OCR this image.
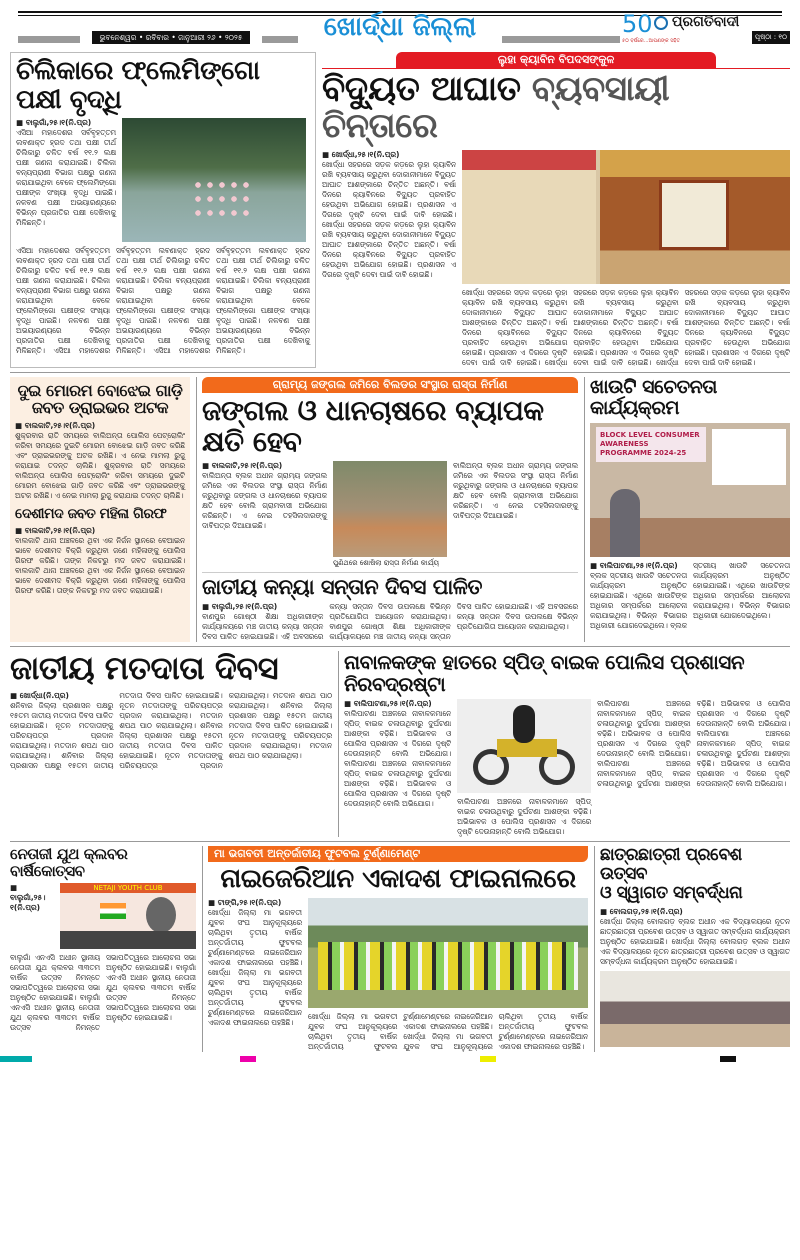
ଭୁବନେଶ୍ୱର • ରବିବାର • ଜାନୁଆରୀ ୨୬ • ୨୦୨୫	ଖୋର୍ଦ୍ଧା ଜିଲ୍ଲା	50 ପ୍ରଗତିବାଦୀ
୫୦ ବର୍ଷରେ...ଆପଣଙ୍କ ସହିତ	ପୃଷ୍ଠା : ୧୦
ଚିଲିକାରେ ଫ୍ଲେମିଙ୍ଗୋ ପକ୍ଷୀ ବୃଦ୍ଧି
■ ବାଲୁଗାଁ,୨୫।୧(ନି.ପ୍ର)
ଏସିଆ ମହାଦେଶର ସର୍ବବୃହତ୍ତମ ଲବଣାକ୍ତ ହ୍ରଦ ତଥା ପକ୍ଷୀ ତୀର୍ଥ ଚିଲିକାରୁ ଚଳିତ ବର୍ଷ ୧୧.୨ ଲକ୍ଷ ପକ୍ଷୀ ଗଣନା କରାଯାଇଛି। ଚିଲିକା ବନ୍ୟପ୍ରାଣୀ ବିଭାଗ ପକ୍ଷରୁ ଗଣନା କରାଯାଇଥିବା ବେଳେ ଫ୍ଲେମିଙ୍ଗୋ ପକ୍ଷୀଙ୍କ ସଂଖ୍ୟା ବୃଦ୍ଧି ପାଇଛି। ନଳବଣ ପକ୍ଷୀ ଅଭୟାରଣ୍ୟରେ ବିଭିନ୍ନ ପ୍ରଜାତିର ପକ୍ଷୀ ଦେଖିବାକୁ ମିଳିଛନ୍ତି।
ଏସିଆ ମହାଦେଶର ସର୍ବବୃହତ୍ତମ ଲବଣାକ୍ତ ହ୍ରଦ ତଥା ପକ୍ଷୀ ତୀର୍ଥ ଚିଲିକାରୁ ଚଳିତ ବର୍ଷ ୧୧.୨ ଲକ୍ଷ ପକ୍ଷୀ ଗଣନା କରାଯାଇଛି। ଚିଲିକା ବନ୍ୟପ୍ରାଣୀ ବିଭାଗ ପକ୍ଷରୁ ଗଣନା କରାଯାଇଥିବା ବେଳେ ଫ୍ଲେମିଙ୍ଗୋ ପକ୍ଷୀଙ୍କ ସଂଖ୍ୟା ବୃଦ୍ଧି ପାଇଛି। ନଳବଣ ପକ୍ଷୀ ଅଭୟାରଣ୍ୟରେ ବିଭିନ୍ନ ପ୍ରଜାତିର ପକ୍ଷୀ ଦେଖିବାକୁ ମିଳିଛନ୍ତି। ଏସିଆ ମହାଦେଶର ସର୍ବବୃହତ୍ତମ ଲବଣାକ୍ତ ହ୍ରଦ ତଥା ପକ୍ଷୀ ତୀର୍ଥ ଚିଲିକାରୁ ଚଳିତ ବର୍ଷ ୧୧.୨ ଲକ୍ଷ ପକ୍ଷୀ ଗଣନା କରାଯାଇଛି। ଚିଲିକା ବନ୍ୟପ୍ରାଣୀ ବିଭାଗ ପକ୍ଷରୁ ଗଣନା କରାଯାଇଥିବା ବେଳେ ଫ୍ଲେମିଙ୍ଗୋ ପକ୍ଷୀଙ୍କ ସଂଖ୍ୟା ବୃଦ୍ଧି ପାଇଛି। ନଳବଣ ପକ୍ଷୀ ଅଭୟାରଣ୍ୟରେ ବିଭିନ୍ନ ପ୍ରଜାତିର ପକ୍ଷୀ ଦେଖିବାକୁ ମିଳିଛନ୍ତି। ଏସିଆ ମହାଦେଶର ସର୍ବବୃହତ୍ତମ ଲବଣାକ୍ତ ହ୍ରଦ ତଥା ପକ୍ଷୀ ତୀର୍ଥ ଚିଲିକାରୁ ଚଳିତ ବର୍ଷ ୧୧.୨ ଲକ୍ଷ ପକ୍ଷୀ ଗଣନା କରାଯାଇଛି। ଚିଲିକା ବନ୍ୟପ୍ରାଣୀ ବିଭାଗ ପକ୍ଷରୁ ଗଣନା କରାଯାଇଥିବା ବେଳେ ଫ୍ଲେମିଙ୍ଗୋ ପକ୍ଷୀଙ୍କ ସଂଖ୍ୟା ବୃଦ୍ଧି ପାଇଛି। ନଳବଣ ପକ୍ଷୀ ଅଭୟାରଣ୍ୟରେ ବିଭିନ୍ନ ପ୍ରଜାତିର ପକ୍ଷୀ ଦେଖିବାକୁ ମିଳିଛନ୍ତି।
ଲୁହା କ୍ୟାବିନ ବିପଦସଙ୍କୁଳ
ବିଦ୍ୟୁତ ଆଘାତ ବ୍ୟବସାୟୀ ଚିନ୍ତାରେ
■ ଖୋର୍ଦ୍ଧା,୨୫।୧(ନି.ପ୍ର)
ଖୋର୍ଦ୍ଧା ସହରରେ ସଡ଼କ କଡ଼ରେ ଲୁହା କ୍ୟାବିନ ରଖି ବ୍ୟବସାୟ କରୁଥିବା ଦୋକାନୀମାନେ ବିଦ୍ୟୁତ ଆଘାତ ଆଶଙ୍କାରେ ଚିନ୍ତିତ ଅଛନ୍ତି। ବର୍ଷା ଦିନରେ କ୍ୟାବିନରେ ବିଦ୍ୟୁତ ପ୍ରବାହିତ ହେଉଥିବା ଅଭିଯୋଗ ହୋଇଛି। ପ୍ରଶାସନ ଏ ଦିଗରେ ଦୃଷ୍ଟି ଦେବା ପାଇଁ ଦାବି ହୋଇଛି। ଖୋର୍ଦ୍ଧା ସହରରେ ସଡ଼କ କଡ଼ରେ ଲୁହା କ୍ୟାବିନ ରଖି ବ୍ୟବସାୟ କରୁଥିବା ଦୋକାନୀମାନେ ବିଦ୍ୟୁତ ଆଘାତ ଆଶଙ୍କାରେ ଚିନ୍ତିତ ଅଛନ୍ତି। ବର୍ଷା ଦିନରେ କ୍ୟାବିନରେ ବିଦ୍ୟୁତ ପ୍ରବାହିତ ହେଉଥିବା ଅଭିଯୋଗ ହୋଇଛି। ପ୍ରଶାସନ ଏ ଦିଗରେ ଦୃଷ୍ଟି ଦେବା ପାଇଁ ଦାବି ହୋଇଛି।
ଖୋର୍ଦ୍ଧା ସହରରେ ସଡ଼କ କଡ଼ରେ ଲୁହା କ୍ୟାବିନ ରଖି ବ୍ୟବସାୟ କରୁଥିବା ଦୋକାନୀମାନେ ବିଦ୍ୟୁତ ଆଘାତ ଆଶଙ୍କାରେ ଚିନ୍ତିତ ଅଛନ୍ତି। ବର୍ଷା ଦିନରେ କ୍ୟାବିନରେ ବିଦ୍ୟୁତ ପ୍ରବାହିତ ହେଉଥିବା ଅଭିଯୋଗ ହୋଇଛି। ପ୍ରଶାସନ ଏ ଦିଗରେ ଦୃଷ୍ଟି ଦେବା ପାଇଁ ଦାବି ହୋଇଛି। ଖୋର୍ଦ୍ଧା ସହରରେ ସଡ଼କ କଡ଼ରେ ଲୁହା କ୍ୟାବିନ ରଖି ବ୍ୟବସାୟ କରୁଥିବା ଦୋକାନୀମାନେ ବିଦ୍ୟୁତ ଆଘାତ ଆଶଙ୍କାରେ ଚିନ୍ତିତ ଅଛନ୍ତି। ବର୍ଷା ଦିନରେ କ୍ୟାବିନରେ ବିଦ୍ୟୁତ ପ୍ରବାହିତ ହେଉଥିବା ଅଭିଯୋଗ ହୋଇଛି। ପ୍ରଶାସନ ଏ ଦିଗରେ ଦୃଷ୍ଟି ଦେବା ପାଇଁ ଦାବି ହୋଇଛି। ଖୋର୍ଦ୍ଧା ସହରରେ ସଡ଼କ କଡ଼ରେ ଲୁହା କ୍ୟାବିନ ରଖି ବ୍ୟବସାୟ କରୁଥିବା ଦୋକାନୀମାନେ ବିଦ୍ୟୁତ ଆଘାତ ଆଶଙ୍କାରେ ଚିନ୍ତିତ ଅଛନ୍ତି। ବର୍ଷା ଦିନରେ କ୍ୟାବିନରେ ବିଦ୍ୟୁତ ପ୍ରବାହିତ ହେଉଥିବା ଅଭିଯୋଗ ହୋଇଛି। ପ୍ରଶାସନ ଏ ଦିଗରେ ଦୃଷ୍ଟି ଦେବା ପାଇଁ ଦାବି ହୋଇଛି।
ଦୁଇ ମୋରମ ବୋଝେଇ ଗାଡ଼ି ଜବତ ଡ୍ରାଇଭର ଅଟକ
■ ବାଲକାଟି,୨୫।୧(ନି.ପ୍ର)
ଶୁକ୍ରବାର ରାତି ସମୟରେ ବାଲିଅନ୍ତା ପୋଲିସ ପେଟ୍ରୋଲିଂ କରିବା ସମୟରେ ଦୁଇଟି ମୋରମ ବୋଝେଇ ଗାଡ଼ି ଜବତ କରିଛି ଏବଂ ଡ୍ରାଇଭରଙ୍କୁ ଅଟକ ରଖିଛି। ଏ ନେଇ ମାମଲା ରୁଜୁ କରାଯାଇ ତଦନ୍ତ ଚାଲିଛି। ଶୁକ୍ରବାର ରାତି ସମୟରେ ବାଲିଅନ୍ତା ପୋଲିସ ପେଟ୍ରୋଲିଂ କରିବା ସମୟରେ ଦୁଇଟି ମୋରମ ବୋଝେଇ ଗାଡ଼ି ଜବତ କରିଛି ଏବଂ ଡ୍ରାଇଭରଙ୍କୁ ଅଟକ ରଖିଛି। ଏ ନେଇ ମାମଲା ରୁଜୁ କରାଯାଇ ତଦନ୍ତ ଚାଲିଛି।
ଦେଶୀମଦ ଜବତ ମହିଳା ଗିରଫ
■ ବାଲକାଟି,୨୫।୧(ନି.ପ୍ର)
ବାଲକାଟି ଥାନା ଅଞ୍ଚଳରେ ଥିବା ଏକ ନିର୍ଜନ ସ୍ଥାନରେ ବେଆଇନ ଭାବେ ଦେଶୀମଦ ବିକ୍ରି କରୁଥିବା ଜଣେ ମହିଳାଙ୍କୁ ପୋଲିସ ଗିରଫ କରିଛି। ତାଙ୍କ ନିକଟରୁ ମଦ ଜବତ କରାଯାଇଛି। ବାଲକାଟି ଥାନା ଅଞ୍ଚଳରେ ଥିବା ଏକ ନିର୍ଜନ ସ୍ଥାନରେ ବେଆଇନ ଭାବେ ଦେଶୀମଦ ବିକ୍ରି କରୁଥିବା ଜଣେ ମହିଳାଙ୍କୁ ପୋଲିସ ଗିରଫ କରିଛି। ତାଙ୍କ ନିକଟରୁ ମଦ ଜବତ କରାଯାଇଛି।
ଗ୍ରାମ୍ୟ ଜଙ୍ଗଲ ଜମିରେ ବିଲଡର ସଂସ୍ଥାର ରାସ୍ତା ନିର୍ମାଣ
ଜଙ୍ଗଲ ଓ ଧାନଚାଷରେ ବ୍ୟାପକ କ୍ଷତି ହେବ
■ ବାଲକାଟି,୨୫।୧(ନି.ପ୍ର)
ବାଲିଅନ୍ତା ବ୍ଲକ ଅଧୀନ ଗ୍ରାମ୍ୟ ଜଙ୍ଗଲ ଜମିରେ ଏକ ବିଲଡର ସଂସ୍ଥା ରାସ୍ତା ନିର୍ମାଣ କରୁଥିବାରୁ ଜଙ୍ଗଲ ଓ ଧାନଚାଷରେ ବ୍ୟାପକ କ୍ଷତି ହେବ ବୋଲି ଗ୍ରାମବାସୀ ଅଭିଯୋଗ କରିଛନ୍ତି। ଏ ନେଇ ତହସିଲଦାରଙ୍କୁ ଦାବିପତ୍ର ଦିଆଯାଇଛି।
ପୁଣିଥରେ ଶୋଷିଲା ରାସ୍ତା ନିର୍ମାଣ କାର୍ଯ୍ୟ
ବାଲିଅନ୍ତା ବ୍ଲକ ଅଧୀନ ଗ୍ରାମ୍ୟ ଜଙ୍ଗଲ ଜମିରେ ଏକ ବିଲଡର ସଂସ୍ଥା ରାସ୍ତା ନିର୍ମାଣ କରୁଥିବାରୁ ଜଙ୍ଗଲ ଓ ଧାନଚାଷରେ ବ୍ୟାପକ କ୍ଷତି ହେବ ବୋଲି ଗ୍ରାମବାସୀ ଅଭିଯୋଗ କରିଛନ୍ତି। ଏ ନେଇ ତହସିଲଦାରଙ୍କୁ ଦାବିପତ୍ର ଦିଆଯାଇଛି।
ଜାତୀୟ କନ୍ୟା ସନ୍ତାନ ଦିବସ ପାଳିତ
■ ବାଲୁଗାଁ,୨୫।୧(ନି.ପ୍ର)
ବାଣପୁର ଗୋଷ୍ଠୀ ଶିକ୍ଷା ଅଧିକାରୀଙ୍କ କାର୍ଯ୍ୟାଳୟରେ ମଞ୍ଚ ଜାତୀୟ କନ୍ୟା ସନ୍ତାନ ଦିବସ ପାଳିତ ହୋଇଯାଇଛି। ଏହି ଅବସରରେ କନ୍ୟା ସନ୍ତାନ ଦିବସ ଉପଲକ୍ଷେ ବିଭିନ୍ନ ପ୍ରତିଯୋଗିତା ଆୟୋଜନ କରାଯାଇଥିଲା। ବାଣପୁର ଗୋଷ୍ଠୀ ଶିକ୍ଷା ଅଧିକାରୀଙ୍କ କାର୍ଯ୍ୟାଳୟରେ ମଞ୍ଚ ଜାତୀୟ କନ୍ୟା ସନ୍ତାନ ଦିବସ ପାଳିତ ହୋଇଯାଇଛି। ଏହି ଅବସରରେ କନ୍ୟା ସନ୍ତାନ ଦିବସ ଉପଲକ୍ଷେ ବିଭିନ୍ନ ପ୍ରତିଯୋଗିତା ଆୟୋଜନ କରାଯାଇଥିଲା।
ଖାଉଟି ସଚେତନତା କାର୍ଯ୍ୟକ୍ରମ
BLOCK LEVEL CONSUMER AWARENESS PROGRAMME 2024-25
■ ବାଲିପାଟଣା,୨୫।୧(ନି.ପ୍ର)
ବ୍ଲକ ସ୍ତରୀୟ ଖାଉଟି ସଚେତନତା କାର୍ଯ୍ୟକ୍ରମ ଅନୁଷ୍ଠିତ ହୋଇଯାଇଛି। ଏଥିରେ ଖାଉଟିଙ୍କ ଅଧିକାର ସମ୍ପର୍କରେ ଆଲୋଚନା କରାଯାଇଥିଲା। ବିଭିନ୍ନ ବିଭାଗର ଅଧିକାରୀ ଯୋଗଦେଇଥିଲେ। ବ୍ଲକ ସ୍ତରୀୟ ଖାଉଟି ସଚେତନତା କାର୍ଯ୍ୟକ୍ରମ ଅନୁଷ୍ଠିତ ହୋଇଯାଇଛି। ଏଥିରେ ଖାଉଟିଙ୍କ ଅଧିକାର ସମ୍ପର୍କରେ ଆଲୋଚନା କରାଯାଇଥିଲା। ବିଭିନ୍ନ ବିଭାଗର ଅଧିକାରୀ ଯୋଗଦେଇଥିଲେ।
ଜାତୀୟ ମତଦାତା ଦିବସ
■ ଖୋର୍ଦ୍ଧା(ନି.ପ୍ର)
ଶନିବାର ଜିଲ୍ଲା ପ୍ରଶାସନ ପକ୍ଷରୁ ୧୫ତମ ଜାତୀୟ ମତଦାତା ଦିବସ ପାଳିତ ହୋଇଯାଇଛି। ନୂତନ ମତଦାତାଙ୍କୁ ପରିଚୟପତ୍ର ପ୍ରଦାନ କରାଯାଇଥିଲା। ମତଦାନ ଶପଥ ପାଠ କରାଯାଇଥିଲା। ଶନିବାର ଜିଲ୍ଲା ପ୍ରଶାସନ ପକ୍ଷରୁ ୧୫ତମ ଜାତୀୟ ମତଦାତା ଦିବସ ପାଳିତ ହୋଇଯାଇଛି। ନୂତନ ମତଦାତାଙ୍କୁ ପରିଚୟପତ୍ର ପ୍ରଦାନ କରାଯାଇଥିଲା। ମତଦାନ ଶପଥ ପାଠ କରାଯାଇଥିଲା। ଶନିବାର ଜିଲ୍ଲା ପ୍ରଶାସନ ପକ୍ଷରୁ ୧୫ତମ ଜାତୀୟ ମତଦାତା ଦିବସ ପାଳିତ ହୋଇଯାଇଛି। ନୂତନ ମତଦାତାଙ୍କୁ ପରିଚୟପତ୍ର ପ୍ରଦାନ କରାଯାଇଥିଲା। ମତଦାନ ଶପଥ ପାଠ କରାଯାଇଥିଲା। ଶନିବାର ଜିଲ୍ଲା ପ୍ରଶାସନ ପକ୍ଷରୁ ୧୫ତମ ଜାତୀୟ ମତଦାତା ଦିବସ ପାଳିତ ହୋଇଯାଇଛି। ନୂତନ ମତଦାତାଙ୍କୁ ପରିଚୟପତ୍ର ପ୍ରଦାନ କରାଯାଇଥିଲା। ମତଦାନ ଶପଥ ପାଠ କରାଯାଇଥିଲା।
ନାବାଳକଙ୍କ ହାତରେ ସ୍ପିଡ୍ ବାଇକ ପୋଲିସ ପ୍ରଶାସନ ନିରବଦ୍ରଷ୍ଟା
■ ବାଲିପାଟଣା,୨୫।୧(ନି.ପ୍ର)
ବାଲିପାଟଣା ଅଞ୍ଚଳରେ ନାବାଳକମାନେ ସ୍ପିଡ୍ ବାଇକ ଚଳାଉଥିବାରୁ ଦୁର୍ଘଟଣା ଆଶଙ୍କା ବଢ଼ିଛି। ଅଭିଭାବକ ଓ ପୋଲିସ ପ୍ରଶାସନ ଏ ଦିଗରେ ଦୃଷ୍ଟି ଦେଉନାହାନ୍ତି ବୋଲି ଅଭିଯୋଗ। ବାଲିପାଟଣା ଅଞ୍ଚଳରେ ନାବାଳକମାନେ ସ୍ପିଡ୍ ବାଇକ ଚଳାଉଥିବାରୁ ଦୁର୍ଘଟଣା ଆଶଙ୍କା ବଢ଼ିଛି। ଅଭିଭାବକ ଓ ପୋଲିସ ପ୍ରଶାସନ ଏ ଦିଗରେ ଦୃଷ୍ଟି ଦେଉନାହାନ୍ତି ବୋଲି ଅଭିଯୋଗ।	ବାଲିପାଟଣା ଅଞ୍ଚଳରେ ନାବାଳକମାନେ ସ୍ପିଡ୍ ବାଇକ ଚଳାଉଥିବାରୁ ଦୁର୍ଘଟଣା ଆଶଙ୍କା ବଢ଼ିଛି। ଅଭିଭାବକ ଓ ପୋଲିସ ପ୍ରଶାସନ ଏ ଦିଗରେ ଦୃଷ୍ଟି ଦେଉନାହାନ୍ତି ବୋଲି ଅଭିଯୋଗ।
ବାଲିପାଟଣା ଅଞ୍ଚଳରେ ନାବାଳକମାନେ ସ୍ପିଡ୍ ବାଇକ ଚଳାଉଥିବାରୁ ଦୁର୍ଘଟଣା ଆଶଙ୍କା ବଢ଼ିଛି। ଅଭିଭାବକ ଓ ପୋଲିସ ପ୍ରଶାସନ ଏ ଦିଗରେ ଦୃଷ୍ଟି ଦେଉନାହାନ୍ତି ବୋଲି ଅଭିଯୋଗ। ବାଲିପାଟଣା ଅଞ୍ଚଳରେ ନାବାଳକମାନେ ସ୍ପିଡ୍ ବାଇକ ଚଳାଉଥିବାରୁ ଦୁର୍ଘଟଣା ଆଶଙ୍କା ବଢ଼ିଛି। ଅଭିଭାବକ ଓ ପୋଲିସ ପ୍ରଶାସନ ଏ ଦିଗରେ ଦୃଷ୍ଟି ଦେଉନାହାନ୍ତି ବୋଲି ଅଭିଯୋଗ। ବାଲିପାଟଣା ଅଞ୍ଚଳରେ ନାବାଳକମାନେ ସ୍ପିଡ୍ ବାଇକ ଚଳାଉଥିବାରୁ ଦୁର୍ଘଟଣା ଆଶଙ୍କା ବଢ଼ିଛି। ଅଭିଭାବକ ଓ ପୋଲିସ ପ୍ରଶାସନ ଏ ଦିଗରେ ଦୃଷ୍ଟି ଦେଉନାହାନ୍ତି ବୋଲି ଅଭିଯୋଗ।
ନେତାଜୀ ଯୁଥ କ୍ଲବର ବାର୍ଷିକୋତ୍ସବ
■ ବାଲୁଗାଁ,୨୫।୧(ନି.ପ୍ର)
NETAJI YOUTH CLUB
ବାଲୁଗାଁ ଏନଏସି ଅଧୀନ ସ୍ଥାନୀୟ ନେତାଜୀ ଯୁଥ କ୍ଲବର ୩୩ତମ ବାର୍ଷିକ ଉତ୍ସବ ନିମନ୍ତେ ସଭାପତିତ୍ୱରେ ଆଲୋଚନା ସଭା ଅନୁଷ୍ଠିତ ହୋଇଯାଇଛି। ବାଲୁଗାଁ ଏନଏସି ଅଧୀନ ସ୍ଥାନୀୟ ନେତାଜୀ ଯୁଥ କ୍ଲବର ୩୩ତମ ବାର୍ଷିକ ଉତ୍ସବ ନିମନ୍ତେ ସଭାପତିତ୍ୱରେ ଆଲୋଚନା ସଭା ଅନୁଷ୍ଠିତ ହୋଇଯାଇଛି। ବାଲୁଗାଁ ଏନଏସି ଅଧୀନ ସ୍ଥାନୀୟ ନେତାଜୀ ଯୁଥ କ୍ଲବର ୩୩ତମ ବାର୍ଷିକ ଉତ୍ସବ ନିମନ୍ତେ ସଭାପତିତ୍ୱରେ ଆଲୋଚନା ସଭା ଅନୁଷ୍ଠିତ ହୋଇଯାଇଛି।
ମା ଭଗବତୀ ଅନ୍ତର୍ଜାତୀୟ ଫୁଟବଲ ଟୁର୍ଣ୍ଣାମେଣ୍ଟ
ନାଇଜେରିଆନ ଏକାଦଶ ଫାଇନାଲରେ
■ ଟାଙ୍ଗି,୨୫।୧(ନି.ପ୍ର)
ଖୋର୍ଦ୍ଧା ଜିଲ୍ଲା ମା ଭଗବତୀ ଯୁବକ ସଂଘ ଆନୁକୂଲ୍ୟରେ ଚାଲିଥିବା ତୃତୀୟ ବାର୍ଷିକ ଅନ୍ତର୍ଜାତୀୟ ଫୁଟବଲ ଟୁର୍ଣ୍ଣାମେଣ୍ଟରେ ନାଇଜେରିଆନ ଏକାଦଶ ଫାଇନାଲରେ ପହଞ୍ଚିଛି। ଖୋର୍ଦ୍ଧା ଜିଲ୍ଲା ମା ଭଗବତୀ ଯୁବକ ସଂଘ ଆନୁକୂଲ୍ୟରେ ଚାଲିଥିବା ତୃତୀୟ ବାର୍ଷିକ ଅନ୍ତର୍ଜାତୀୟ ଫୁଟବଲ ଟୁର୍ଣ୍ଣାମେଣ୍ଟରେ ନାଇଜେରିଆନ ଏକାଦଶ ଫାଇନାଲରେ ପହଞ୍ଚିଛି।
ଖୋର୍ଦ୍ଧା ଜିଲ୍ଲା ମା ଭଗବତୀ ଯୁବକ ସଂଘ ଆନୁକୂଲ୍ୟରେ ଚାଲିଥିବା ତୃତୀୟ ବାର୍ଷିକ ଅନ୍ତର୍ଜାତୀୟ ଫୁଟବଲ ଟୁର୍ଣ୍ଣାମେଣ୍ଟରେ ନାଇଜେରିଆନ ଏକାଦଶ ଫାଇନାଲରେ ପହଞ୍ଚିଛି। ଖୋର୍ଦ୍ଧା ଜିଲ୍ଲା ମା ଭଗବତୀ ଯୁବକ ସଂଘ ଆନୁକୂଲ୍ୟରେ ଚାଲିଥିବା ତୃତୀୟ ବାର୍ଷିକ ଅନ୍ତର୍ଜାତୀୟ ଫୁଟବଲ ଟୁର୍ଣ୍ଣାମେଣ୍ଟରେ ନାଇଜେରିଆନ ଏକାଦଶ ଫାଇନାଲରେ ପହଞ୍ଚିଛି।
ଛାତ୍ରଛାତ୍ରୀ ପ୍ରବେଶ ଉତ୍ସବ
ଓ ସ୍ୱାଗତ ସମ୍ବର୍ଦ୍ଧନା
■ ବୋଲଗଡ଼,୨୫।୧(ନି.ପ୍ର)
ଖୋର୍ଦ୍ଧା ଜିଲ୍ଲା ବୋଲଗଡ଼ ବ୍ଲକ ଅଧୀନ ଏକ ବିଦ୍ୟାଳୟରେ ନୂତନ ଛାତ୍ରଛାତ୍ରୀ ପ୍ରବେଶ ଉତ୍ସବ ଓ ସ୍ୱାଗତ ସମ୍ବର୍ଦ୍ଧନା କାର୍ଯ୍ୟକ୍ରମ ଅନୁଷ୍ଠିତ ହୋଇଯାଇଛି। ଖୋର୍ଦ୍ଧା ଜିଲ୍ଲା ବୋଲଗଡ଼ ବ୍ଲକ ଅଧୀନ ଏକ ବିଦ୍ୟାଳୟରେ ନୂତନ ଛାତ୍ରଛାତ୍ରୀ ପ୍ରବେଶ ଉତ୍ସବ ଓ ସ୍ୱାଗତ ସମ୍ବର୍ଦ୍ଧନା କାର୍ଯ୍ୟକ୍ରମ ଅନୁଷ୍ଠିତ ହୋଇଯାଇଛି।
